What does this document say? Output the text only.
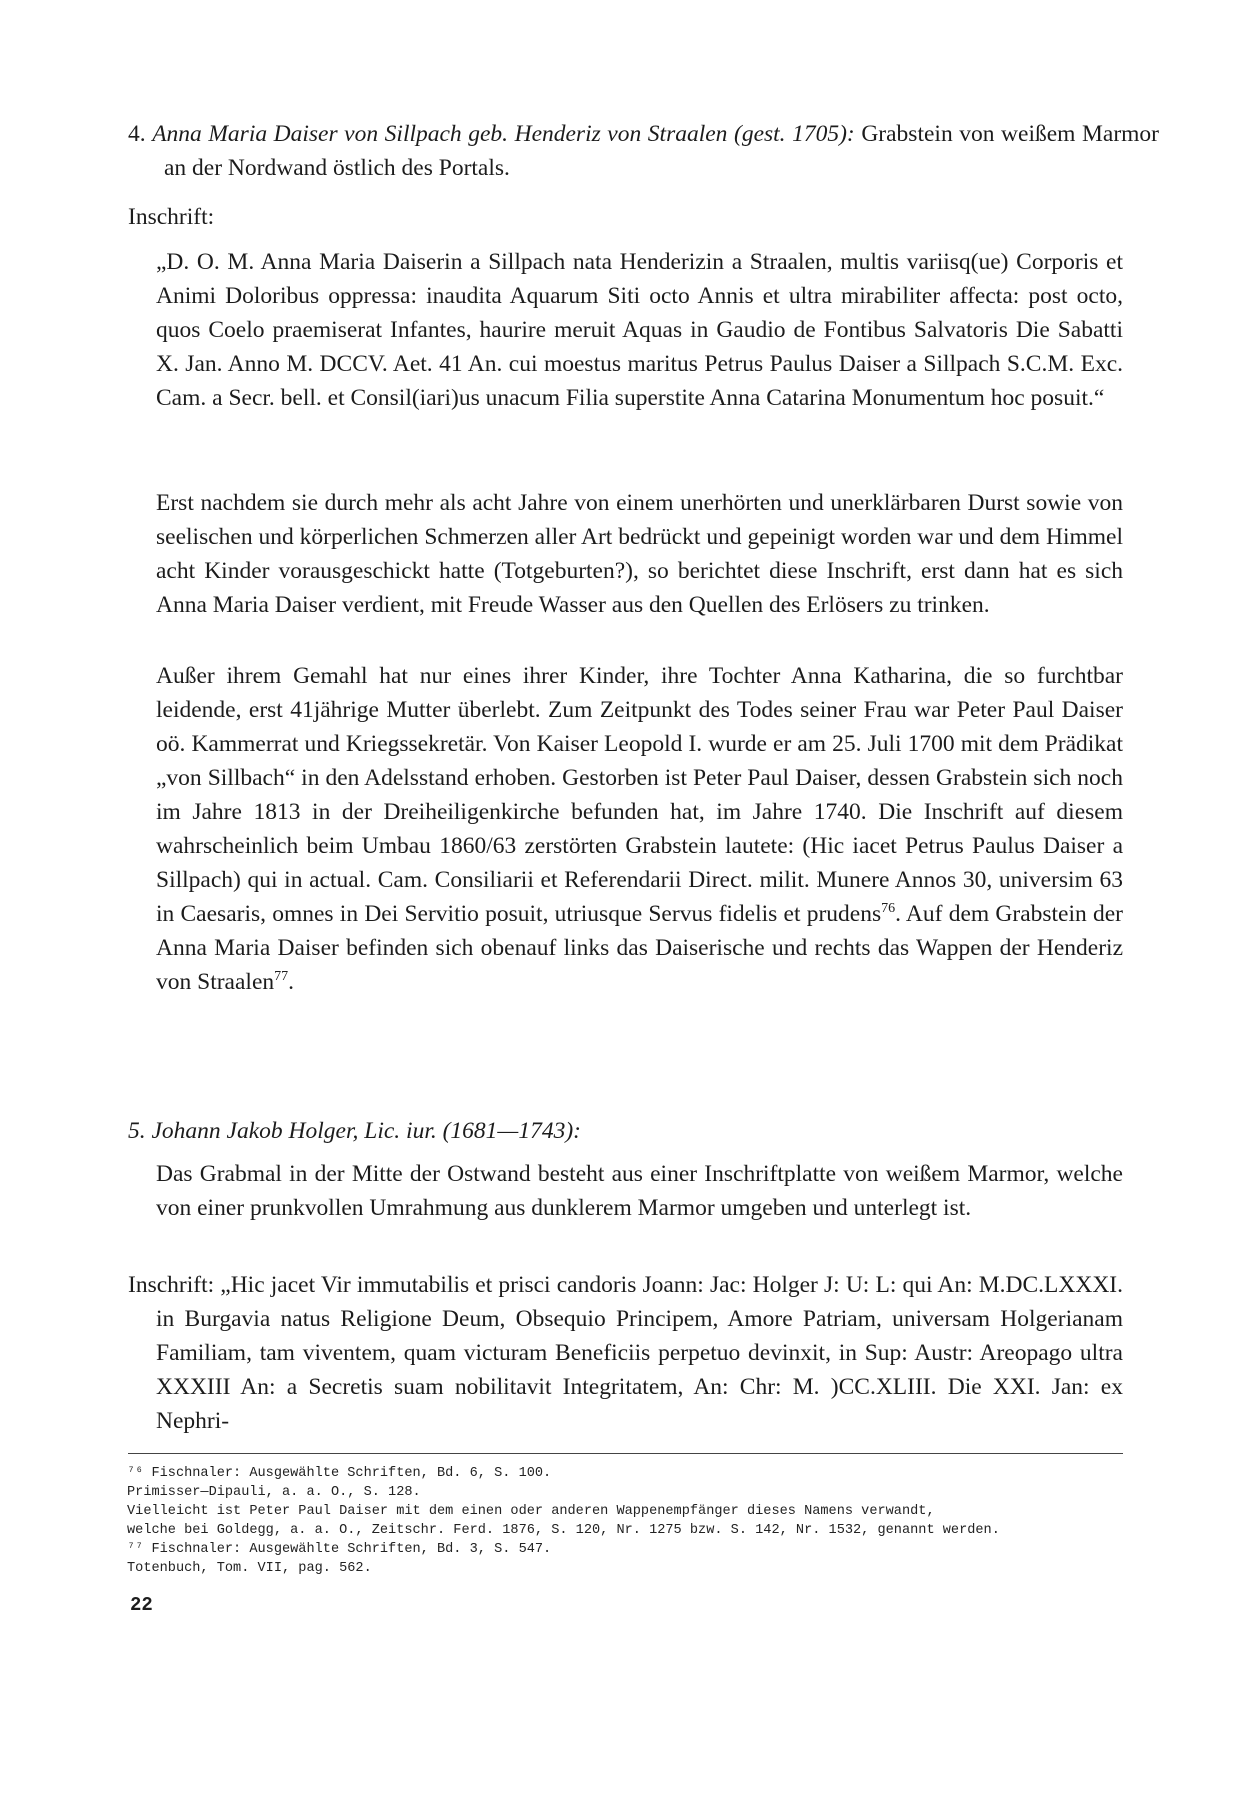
4. Anna Maria Daiser von Sillpach geb. Henderiz von Straalen (gest. 1705): Grabstein von weißem Marmor an der Nordwand östlich des Portals.
Inschrift:
„D. O. M. Anna Maria Daiserin a Sillpach nata Henderizin a Straalen, multis variisq(ue) Corporis et Animi Doloribus oppressa: inaudita Aquarum Siti octo Annis et ultra mirabiliter affecta: post octo, quos Coelo praemiserat Infantes, haurire meruit Aquas in Gaudio de Fontibus Salvatoris Die Sabatti X. Jan. Anno M. DCCV. Aet. 41 An. cui moestus maritus Petrus Paulus Daiser a Sillpach S.C.M. Exc. Cam. a Secr. bell. et Consil(iari)us unacum Filia superstite Anna Catarina Monumentum hoc posuit.“
Erst nachdem sie durch mehr als acht Jahre von einem unerhörten und unerklärbaren Durst sowie von seelischen und körperlichen Schmerzen aller Art bedrückt und gepeinigt worden war und dem Himmel acht Kinder vorausgeschickt hatte (Totgeburten?), so berichtet diese Inschrift, erst dann hat es sich Anna Maria Daiser verdient, mit Freude Wasser aus den Quellen des Erlösers zu trinken.
Außer ihrem Gemahl hat nur eines ihrer Kinder, ihre Tochter Anna Katharina, die so furchtbar leidende, erst 41jährige Mutter überlebt. Zum Zeitpunkt des Todes seiner Frau war Peter Paul Daiser oö. Kammerrat und Kriegssekretär. Von Kaiser Leopold I. wurde er am 25. Juli 1700 mit dem Prädikat „von Sillbach“ in den Adelsstand erhoben. Gestorben ist Peter Paul Daiser, dessen Grabstein sich noch im Jahre 1813 in der Dreiheiligenkirche befunden hat, im Jahre 1740. Die Inschrift auf diesem wahrscheinlich beim Umbau 1860/63 zerstörten Grabstein lautete: (Hic iacet Petrus Paulus Daiser a Sillpach) qui in actual. Cam. Consiliarii et Referendarii Direct. milit. Munere Annos 30, universim 63 in Caesaris, omnes in Dei Servitio posuit, utriusque Servus fidelis et prudens$^{76}$. Auf dem Grabstein der Anna Maria Daiser befinden sich obenauf links das Daiserische und rechts das Wappen der Henderiz von Straalen$^{77}$.
5. Johann Jakob Holger, Lic. iur. (1681—1743):
Das Grabmal in der Mitte der Ostwand besteht aus einer Inschriftplatte von weißem Marmor, welche von einer prunkvollen Umrahmung aus dunklerem Marmor umgeben und unterlegt ist.
Inschrift: „Hic jacet Vir immutabilis et prisci candoris Joann: Jac: Holger J: U: L: qui An: M.DC.LXXXI. in Burgavia natus Religione Deum, Obsequio Principem, Amore Patriam, universam Holgerianam Familiam, tam viventem, quam victuram Beneficiis perpetuo devinxit, in Sup: Austr: Areopago ultra XXXIII An: a Secretis suam nobilitavit Integritatem, An: Chr: M. )CC.XLIII. Die XXI. Jan: ex Nephri-
⁷⁶ Fischnaler: Ausgewählte Schriften, Bd. 6, S. 100.
Primisser—Dipauli, a. a. O., S. 128.
Vielleicht ist Peter Paul Daiser mit dem einen oder anderen Wappenempfänger dieses Namens verwandt,
welche bei Goldegg, a. a. O., Zeitschr. Ferd. 1876, S. 120, Nr. 1275 bzw. S. 142, Nr. 1532, genannt werden.
⁷⁷ Fischnaler: Ausgewählte Schriften, Bd. 3, S. 547.
Totenbuch, Tom. VII, pag. 562.
22
